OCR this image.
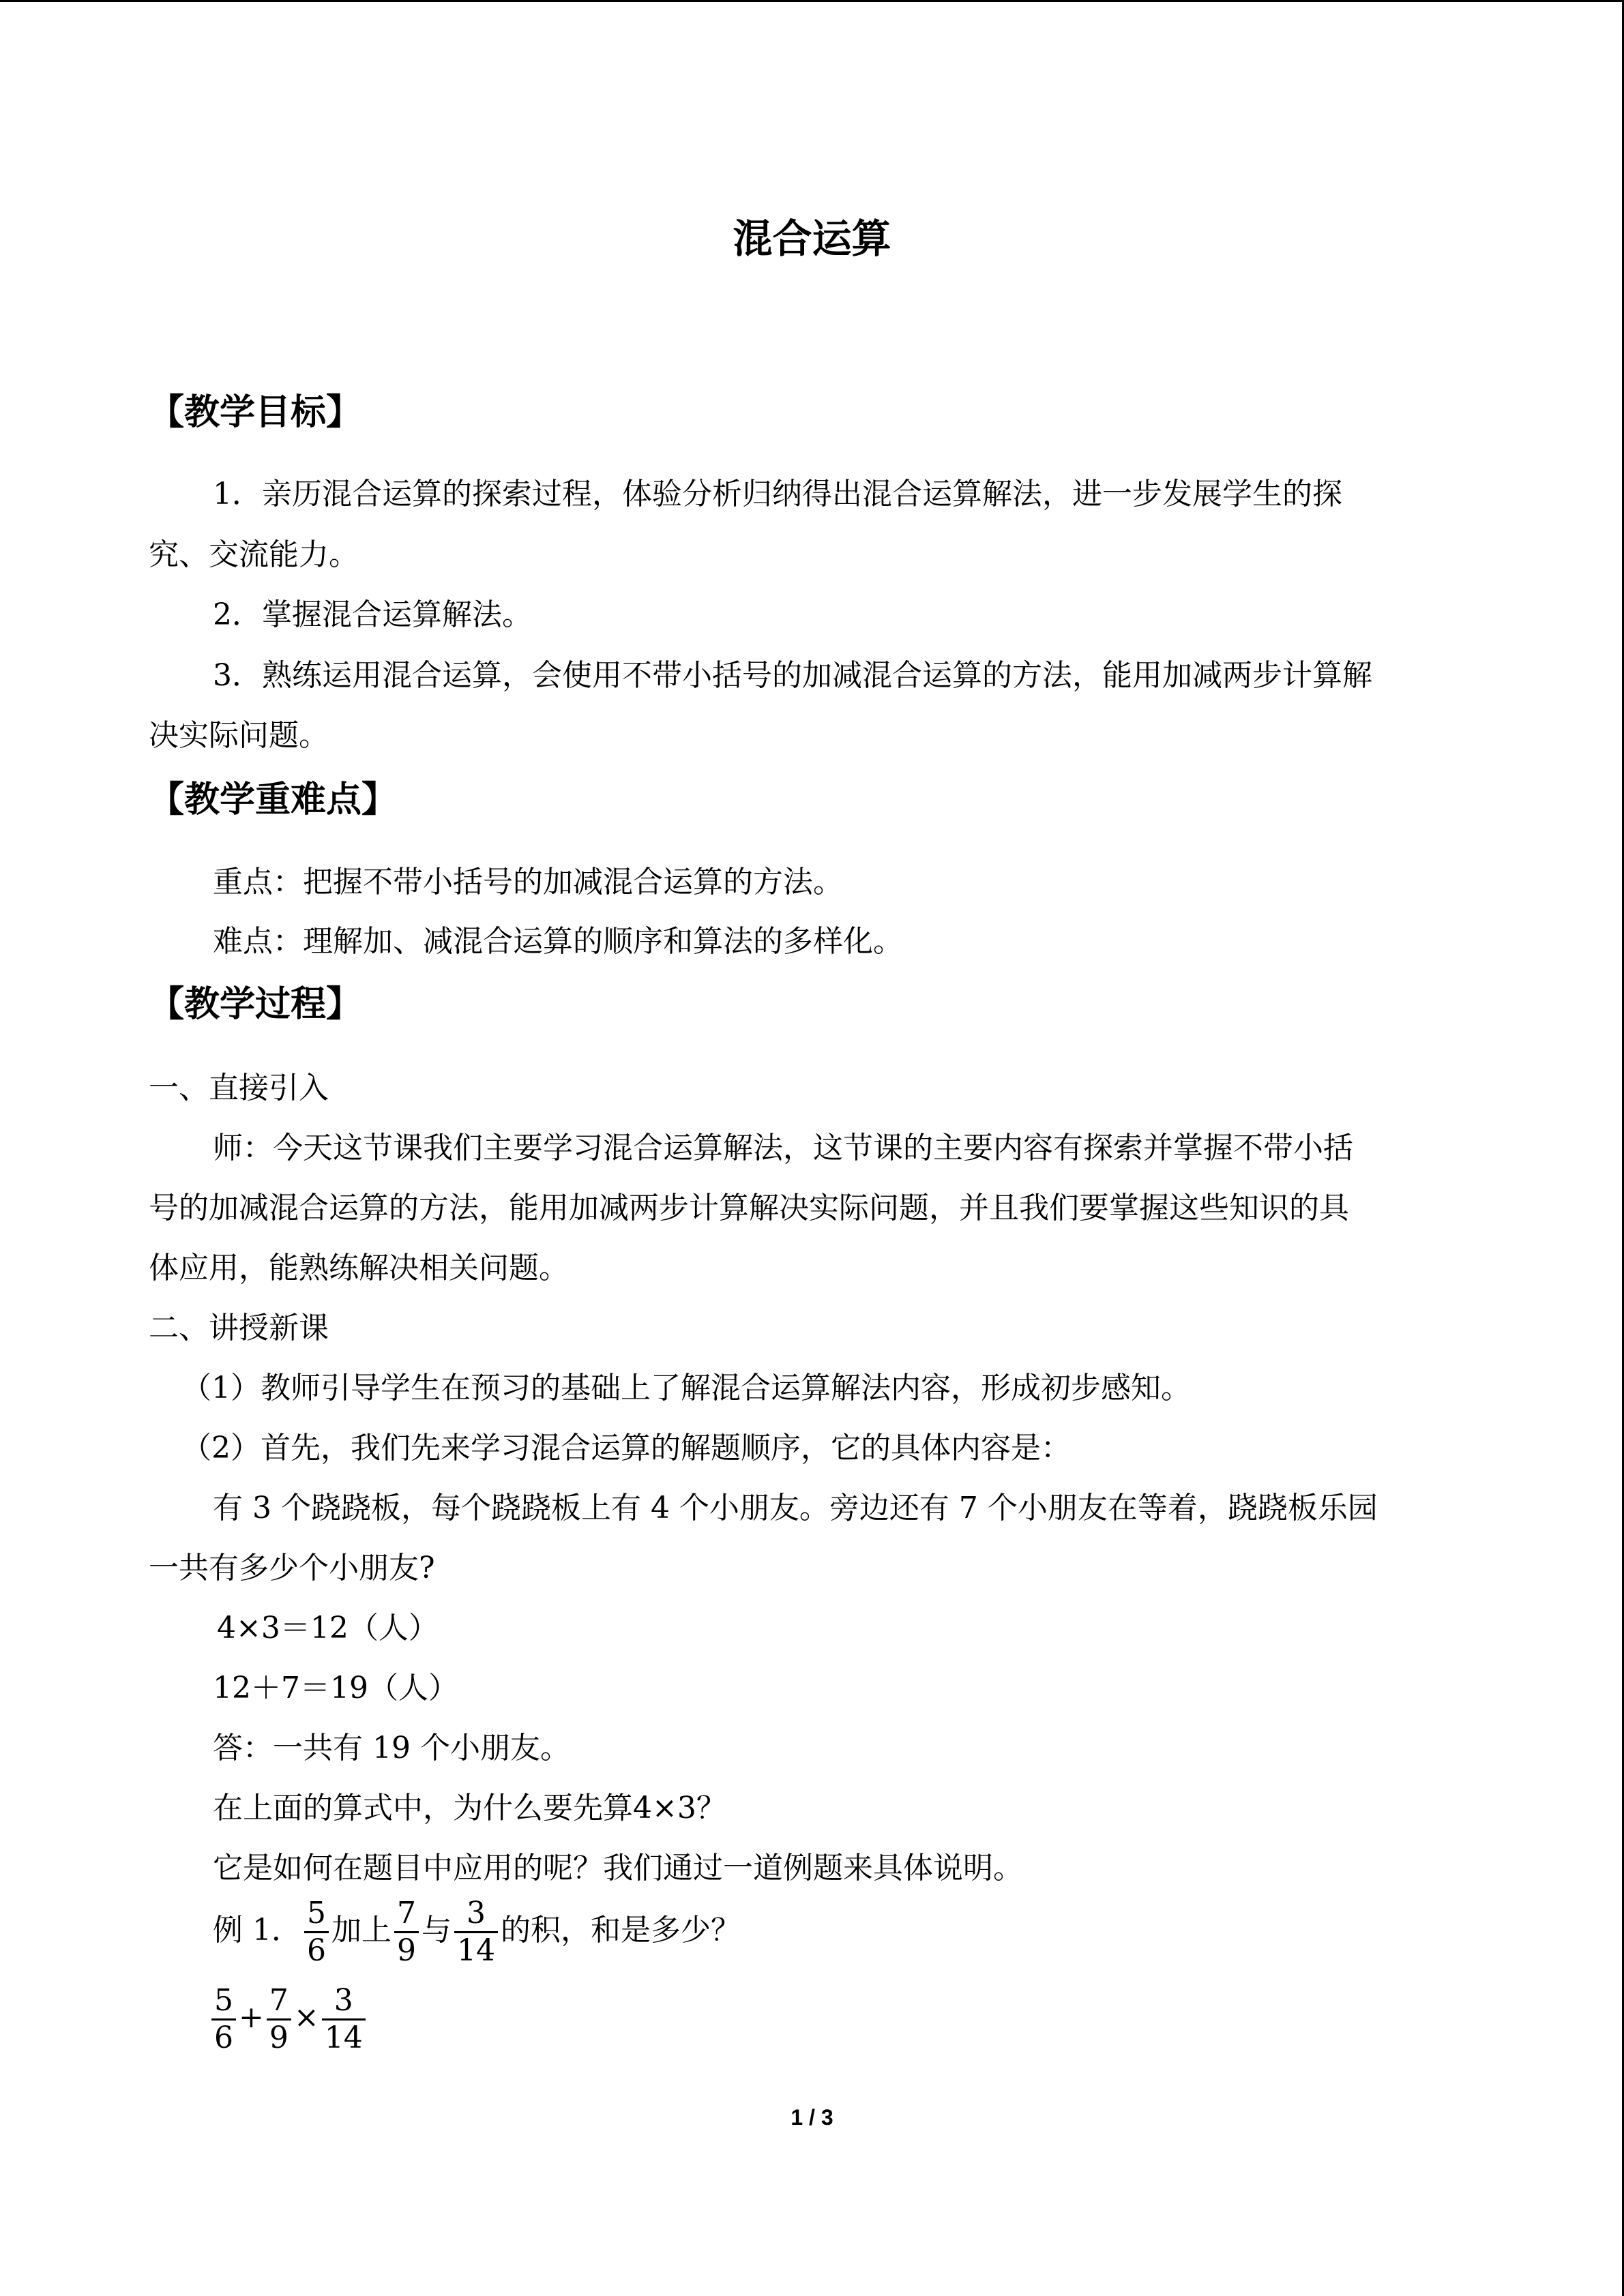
混合运算
【教学目标】
1．亲历混合运算的探索过程，体验分析归纳得出混合运算解法，进一步发展学生的探
究、交流能力。
2．掌握混合运算解法。
3．熟练运用混合运算，会使用不带小括号的加减混合运算的方法，能用加减两步计算解
决实际问题。
【教学重难点】
重点：把握不带小括号的加减混合运算的方法。
难点：理解加、减混合运算的顺序和算法的多样化。
【教学过程】
一、直接引入
师：今天这节课我们主要学习混合运算解法，这节课的主要内容有探索并掌握不带小括
号的加减混合运算的方法，能用加减两步计算解决实际问题，并且我们要掌握这些知识的具
体应用，能熟练解决相关问题。
二、讲授新课
（1）教师引导学生在预习的基础上了解混合运算解法内容，形成初步感知。
（2）首先，我们先来学习混合运算的解题顺序，它的具体内容是：
有 3 个跷跷板，每个跷跷板上有 4 个小朋友。旁边还有 7 个小朋友在等着，跷跷板乐园
一共有多少个小朋友?
4×3＝12（人）
12＋7＝19（人）
答：一共有 19 个小朋友。
在上面的算式中，为什么要先算4×3？
它是如何在题目中应用的呢？我们通过一道例题来具体说明。
例 1． $\frac{5}{6}$ 加上 $\frac{7}{9}$ 与 $\frac{3}{14}$ 的积，和是多少？
$\frac{5}{6} + \frac{7}{9} \times \frac{3}{14}$
1 / 3
